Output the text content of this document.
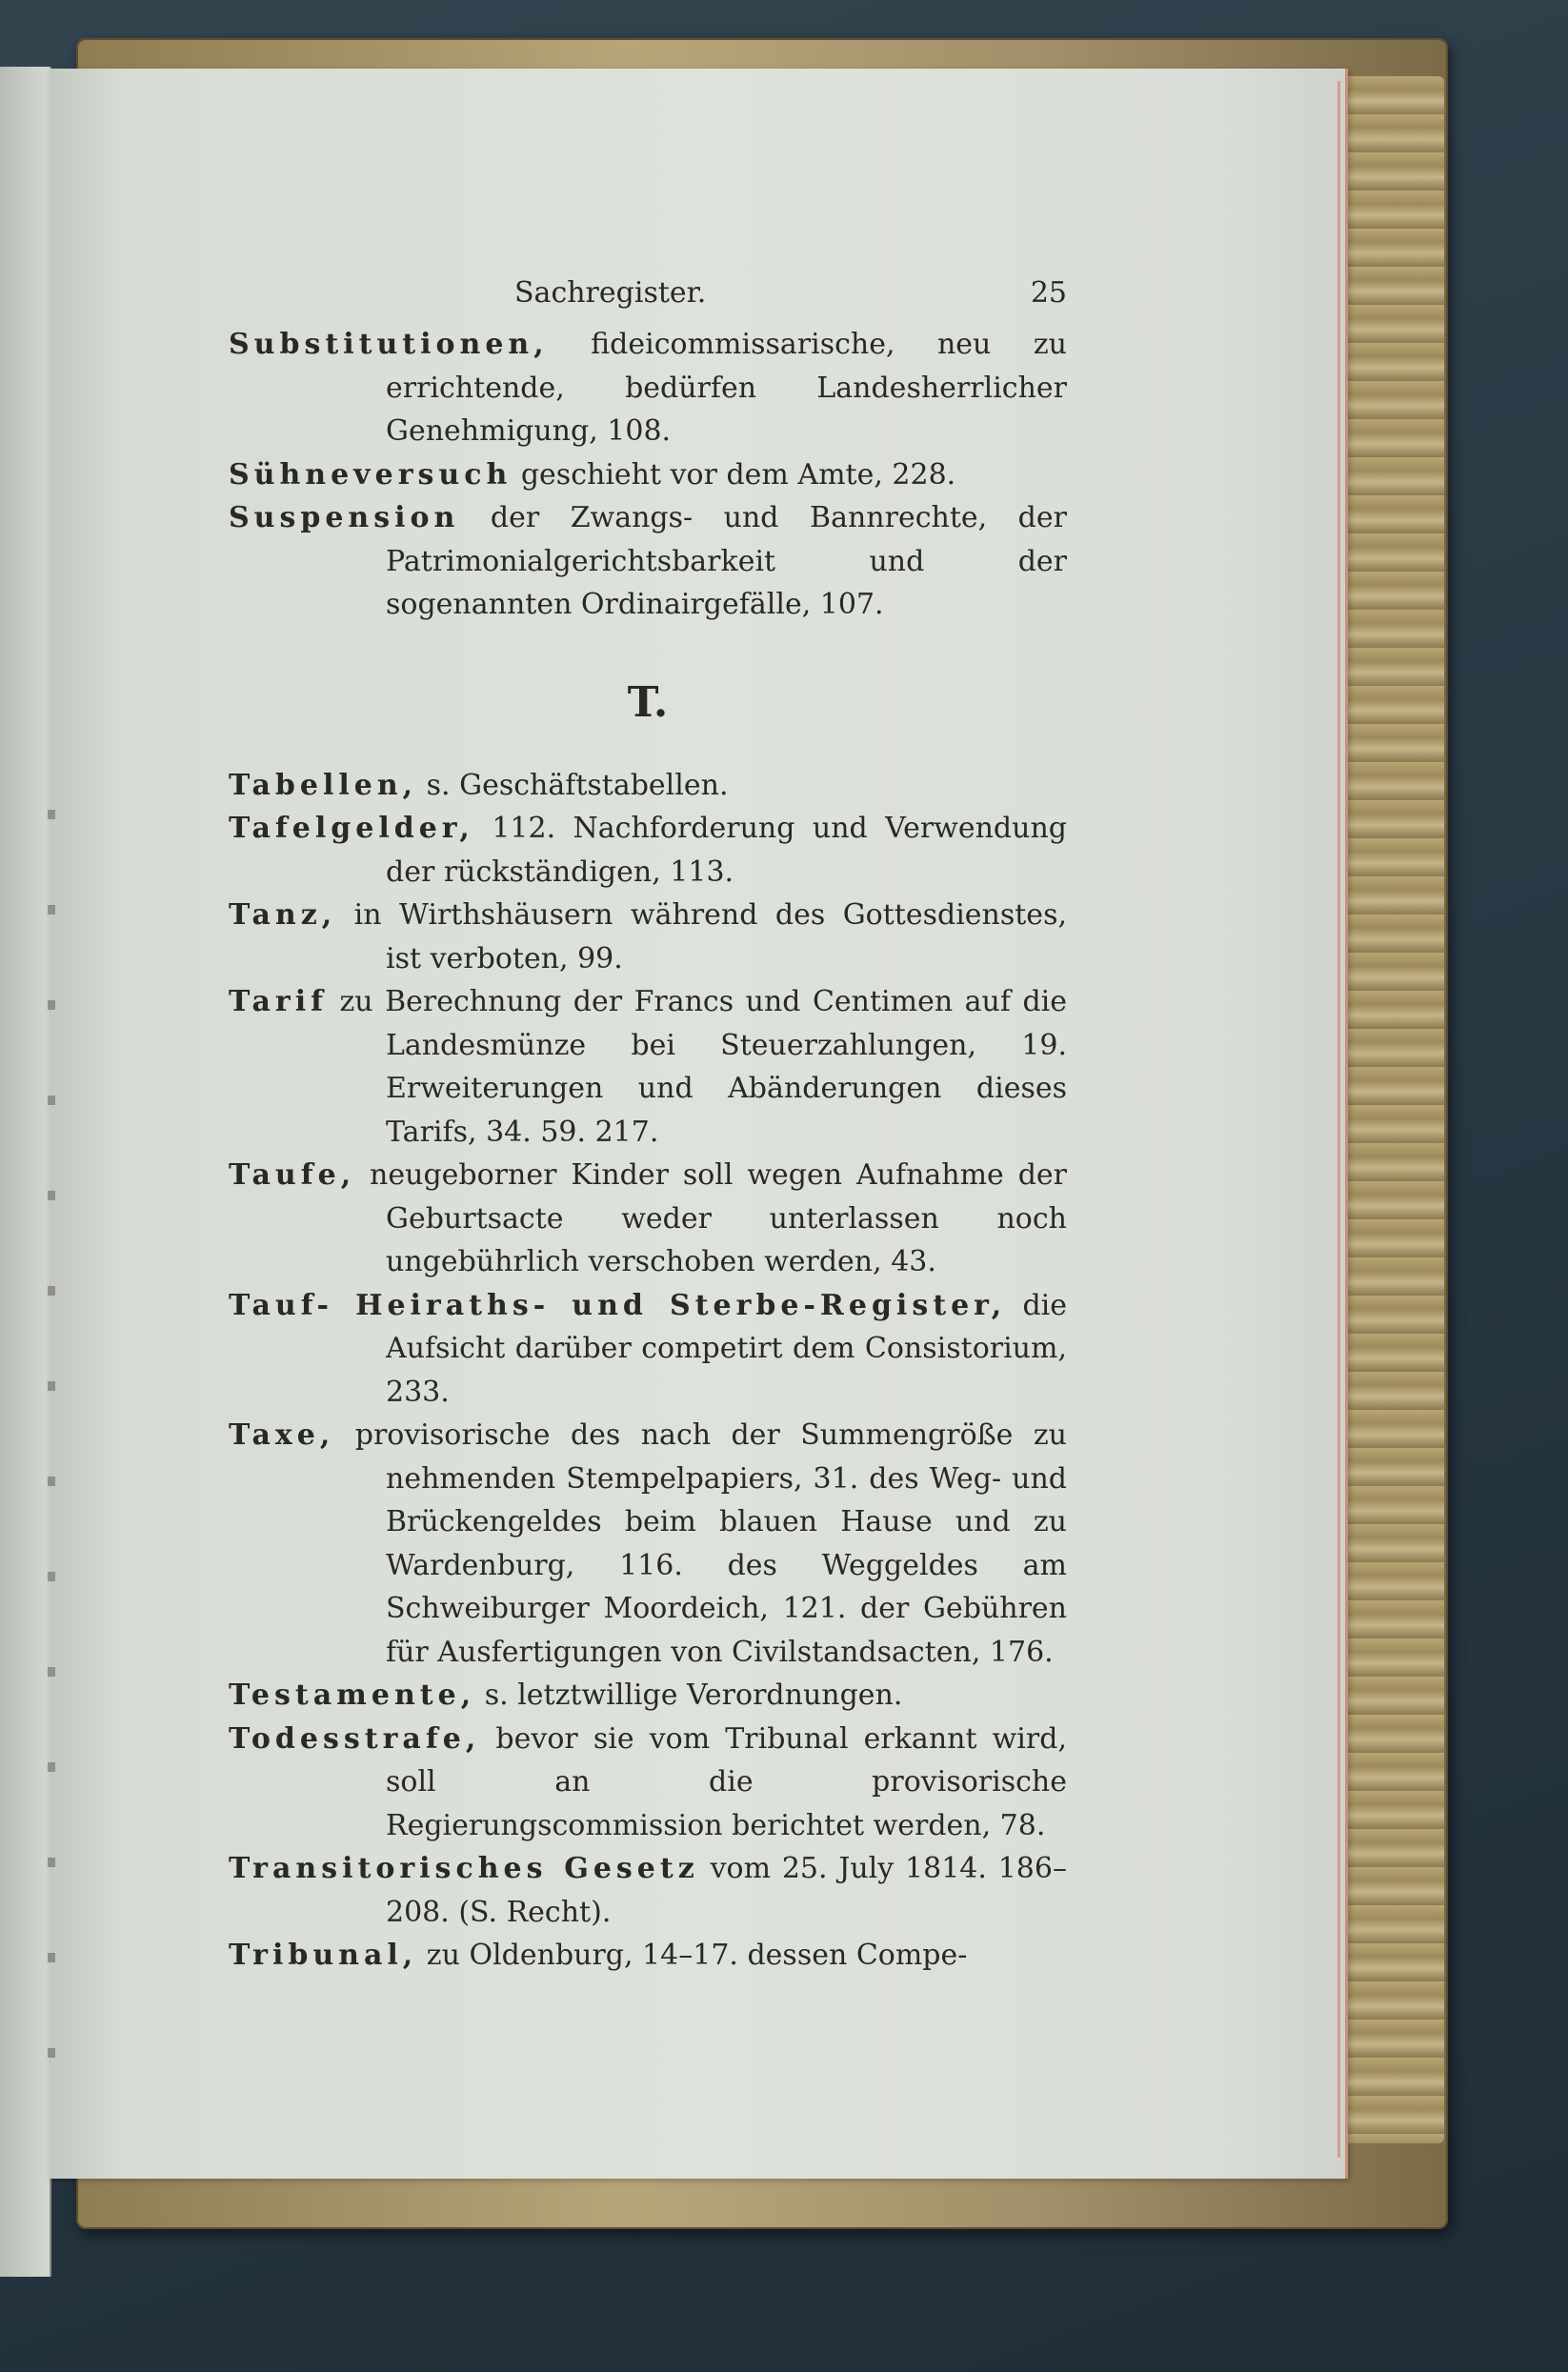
Sachregister.	25
Substitutionen, fideicommissarische, neu zu errichtende, bedürfen Landesherrlicher Genehmigung, 108.
Sühneversuch geschieht vor dem Amte, 228.
Suspension der Zwangs- und Bannrechte, der Patrimonialgerichtsbarkeit und der sogenannten Ordinairgefälle, 107.
T.
Tabellen, s. Geschäftstabellen.
Tafelgelder, 112. Nachforderung und Verwendung der rückständigen, 113.
Tanz, in Wirthshäusern während des Gottesdienstes, ist verboten, 99.
Tarif zu Berechnung der Francs und Centimen auf die Landesmünze bei Steuerzahlungen, 19. Erweiterungen und Abänderungen dieses Tarifs, 34. 59. 217.
Taufe, neugeborner Kinder soll wegen Aufnahme der Geburtsacte weder unterlassen noch ungebührlich verschoben werden, 43.
Tauf- Heiraths- und Sterbe-Register, die Aufsicht darüber competirt dem Consistorium, 233.
Taxe, provisorische des nach der Summengröße zu nehmenden Stempelpapiers, 31. des Weg- und Brückengeldes beim blauen Hause und zu Wardenburg, 116. des Weggeldes am Schweiburger Moordeich, 121. der Gebühren für Ausfertigungen von Civilstandsacten, 176.
Testamente, s. letztwillige Verordnungen.
Todesstrafe, bevor sie vom Tribunal erkannt wird, soll an die provisorische Regierungscommission berichtet werden, 78.
Transitorisches Gesetz vom 25. July 1814. 186–208. (S. Recht).
Tribunal, zu Oldenburg, 14–17. dessen Compe-
